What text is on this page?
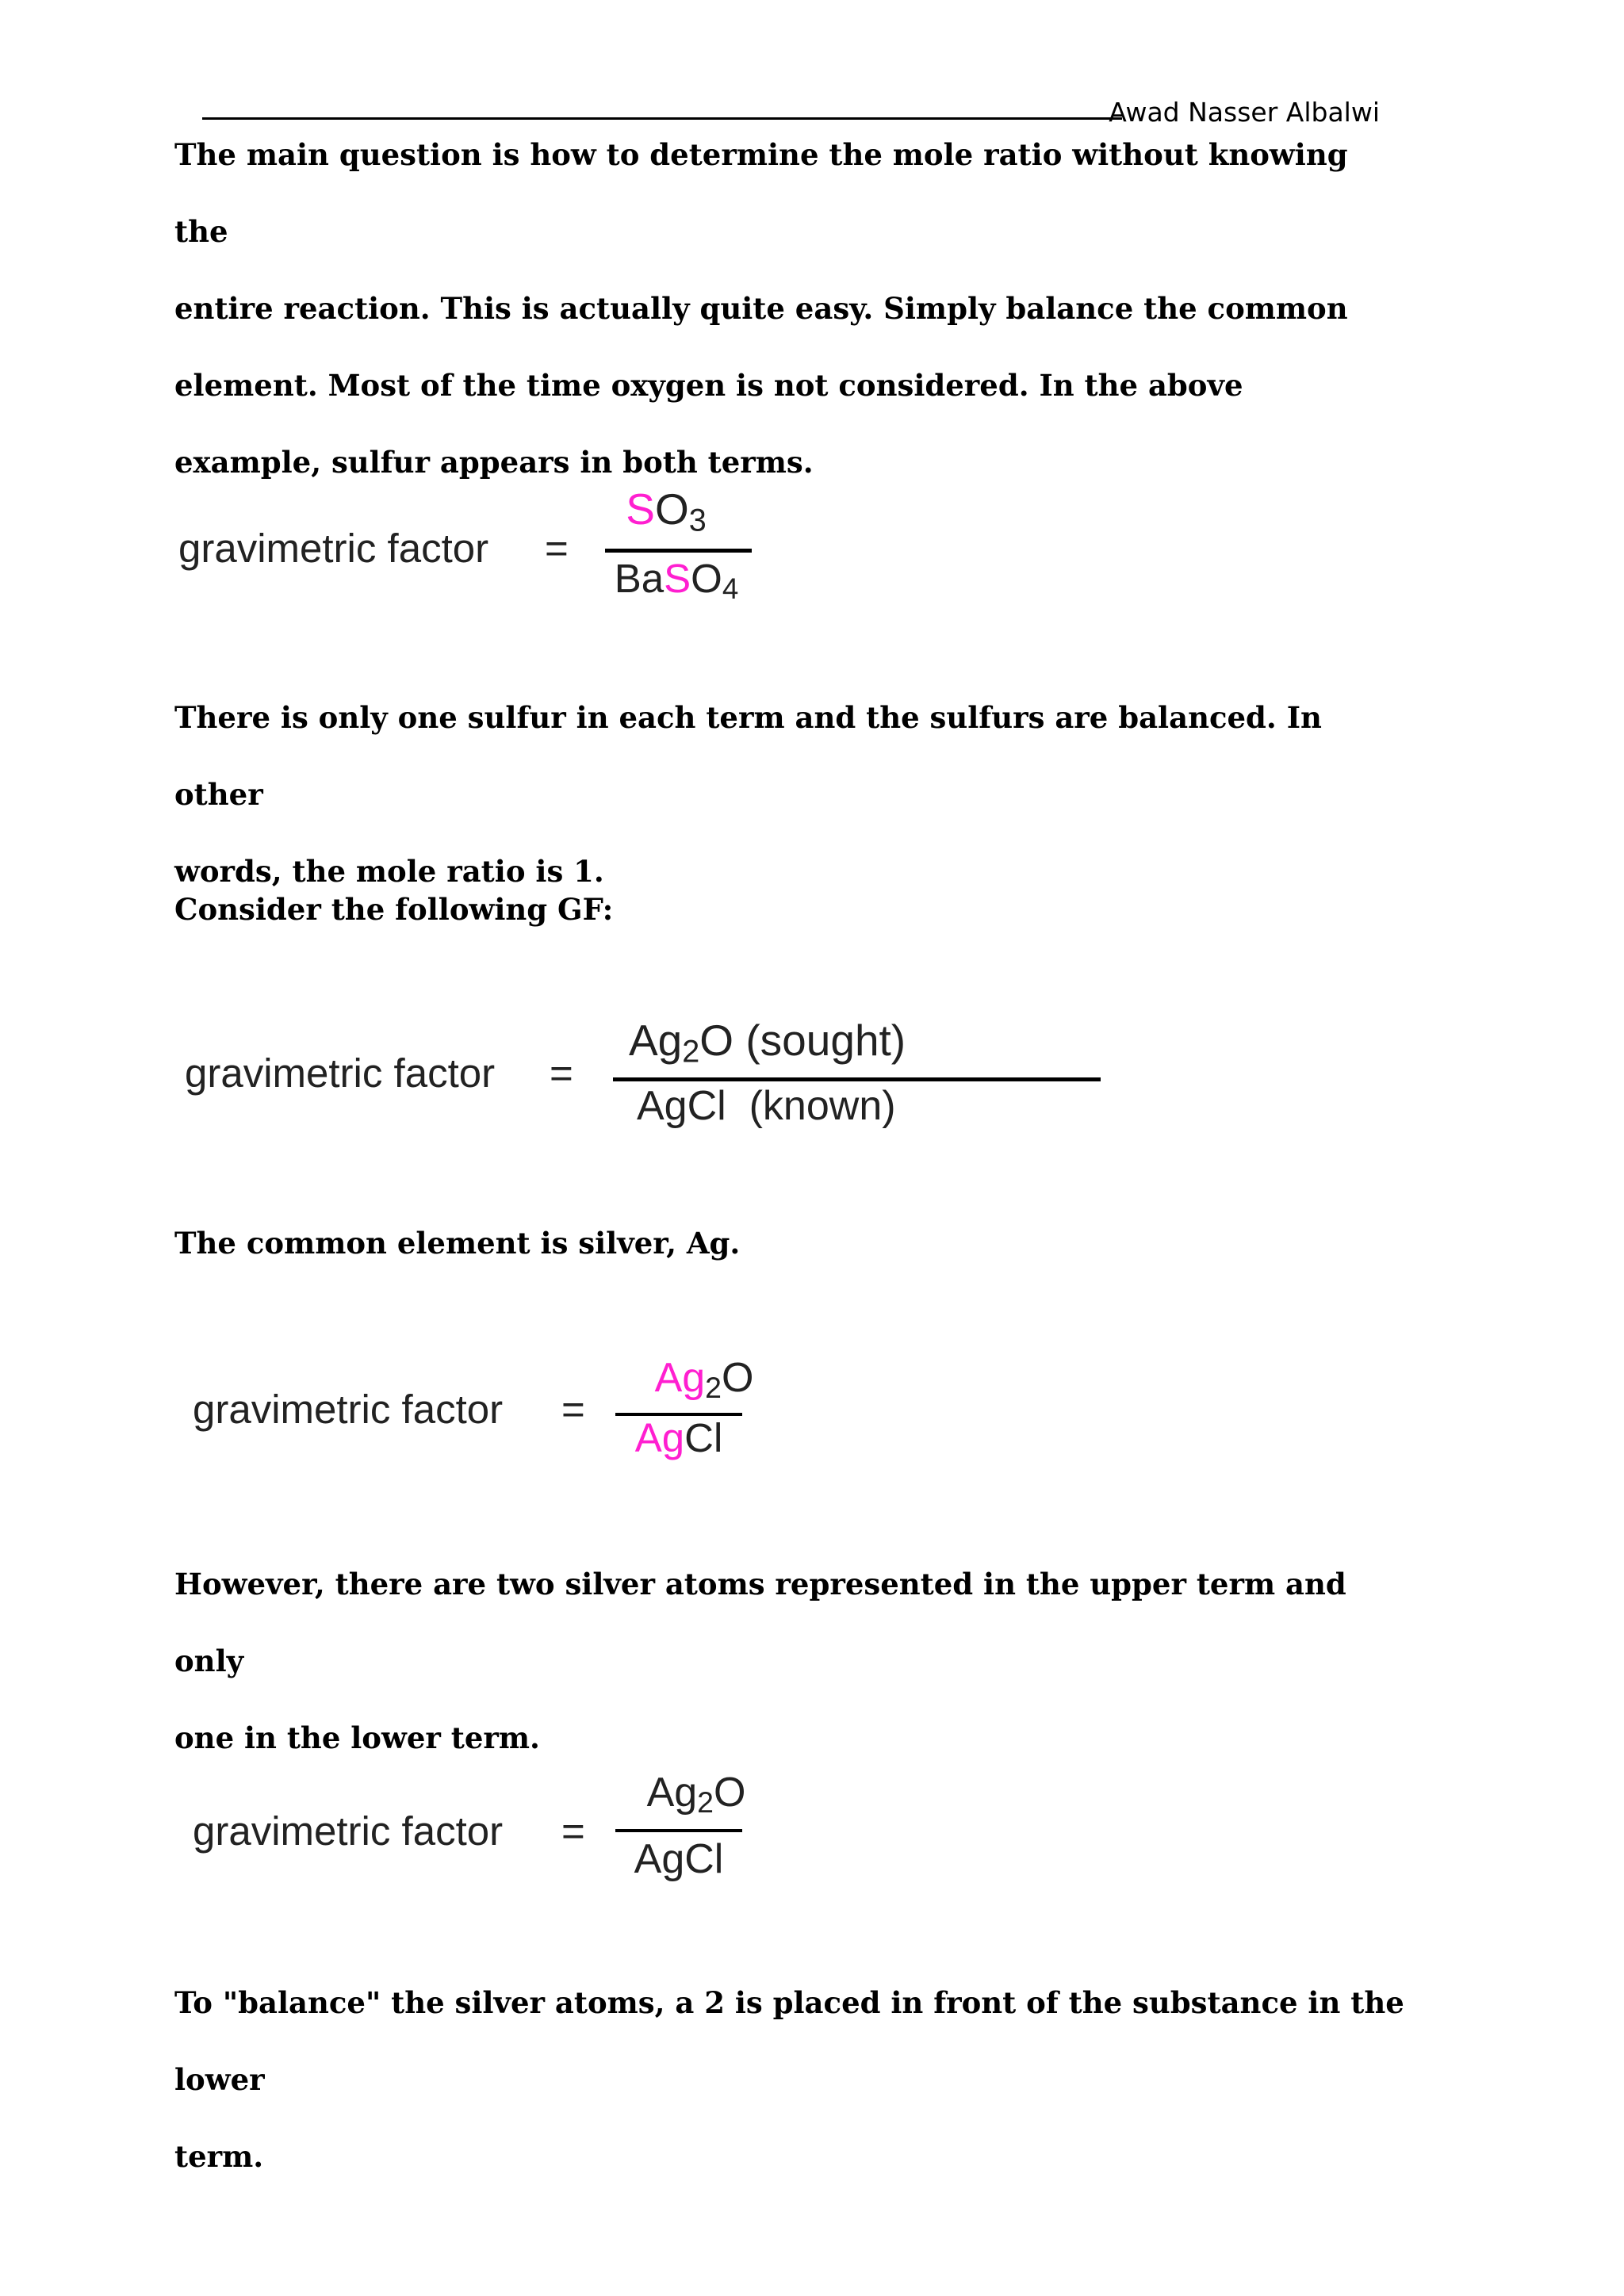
Awad Nasser Albalwi
The main question is how to determine the mole ratio without knowing the
entire reaction. This is actually quite easy. Simply balance the common
element. Most of the time oxygen is not considered. In the above
example, sulfur appears in both terms.
gravimetric factor =
$SO_3$
BaSO$_4$
There is only one sulfur in each term and the sulfurs are balanced. In other
words, the mole ratio is 1.
Consider the following GF:
gravimetric factor =
$Ag_2O$ (sought)
AgCl  (known)
The common element is silver, Ag.
gravimetric factor =
$Ag_2O$
AgCl
However, there are two silver atoms represented in the upper term and only
one in the lower term.
gravimetric factor =
$Ag_2O$
AgCl
To "balance" the silver atoms, a 2 is placed in front of the substance in the lower
term.
